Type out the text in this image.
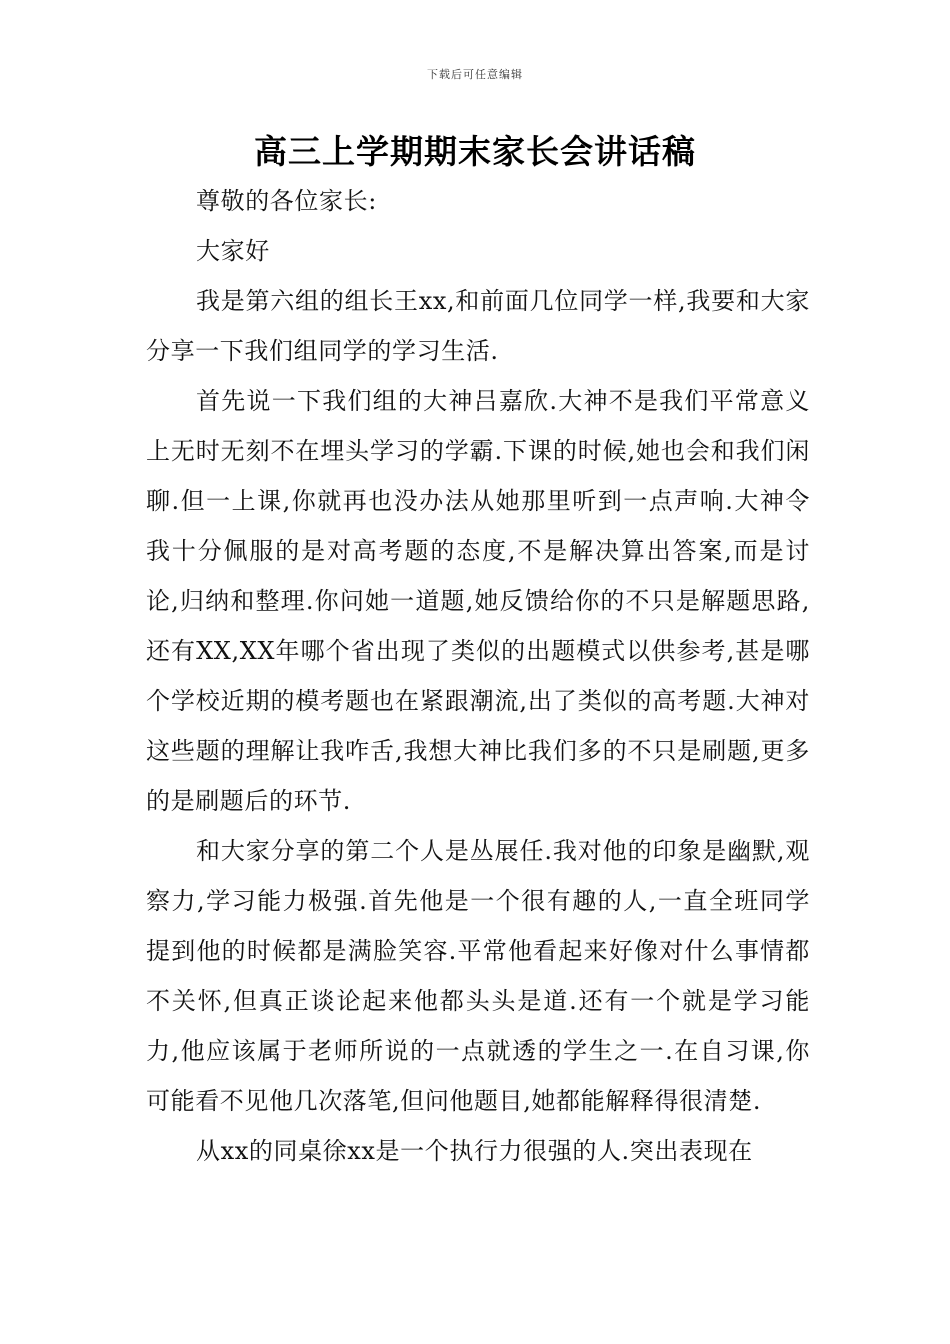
下载后可任意编辑
高三上学期期末家长会讲话稿

尊敬的各位家长:

大家好

我是第六组的组长王xx,和前面几位同学一样,我要和大家分享一下我们组同学的学习生活.

首先说一下我们组的大神吕嘉欣.大神不是我们平常意义上无时无刻不在埋头学习的学霸.下课的时候,她也会和我们闲聊.但一上课,你就再也没办法从她那里听到一点声响.大神令我十分佩服的是对高考题的态度,不是解决算出答案,而是讨论,归纳和整理.你问她一道题,她反馈给你的不只是解题思路,还有XX,XX年哪个省出现了类似的出题模式以供参考,甚是哪个学校近期的模考题也在紧跟潮流,出了类似的高考题.大神对这些题的理解让我咋舌,我想大神比我们多的不只是刷题,更多的是刷题后的环节.

和大家分享的第二个人是丛展任.我对他的印象是幽默,观察力,学习能力极强.首先他是一个很有趣的人,一直全班同学提到他的时候都是满脸笑容.平常他看起来好像对什么事情都不关怀,但真正谈论起来他都头头是道.还有一个就是学习能力,他应该属于老师所说的一点就透的学生之一.在自习课,你可能看不见他几次落笔,但问他题目,她都能解释得很清楚.

从xx的同桌徐xx是一个执行力很强的人.突出表现在
